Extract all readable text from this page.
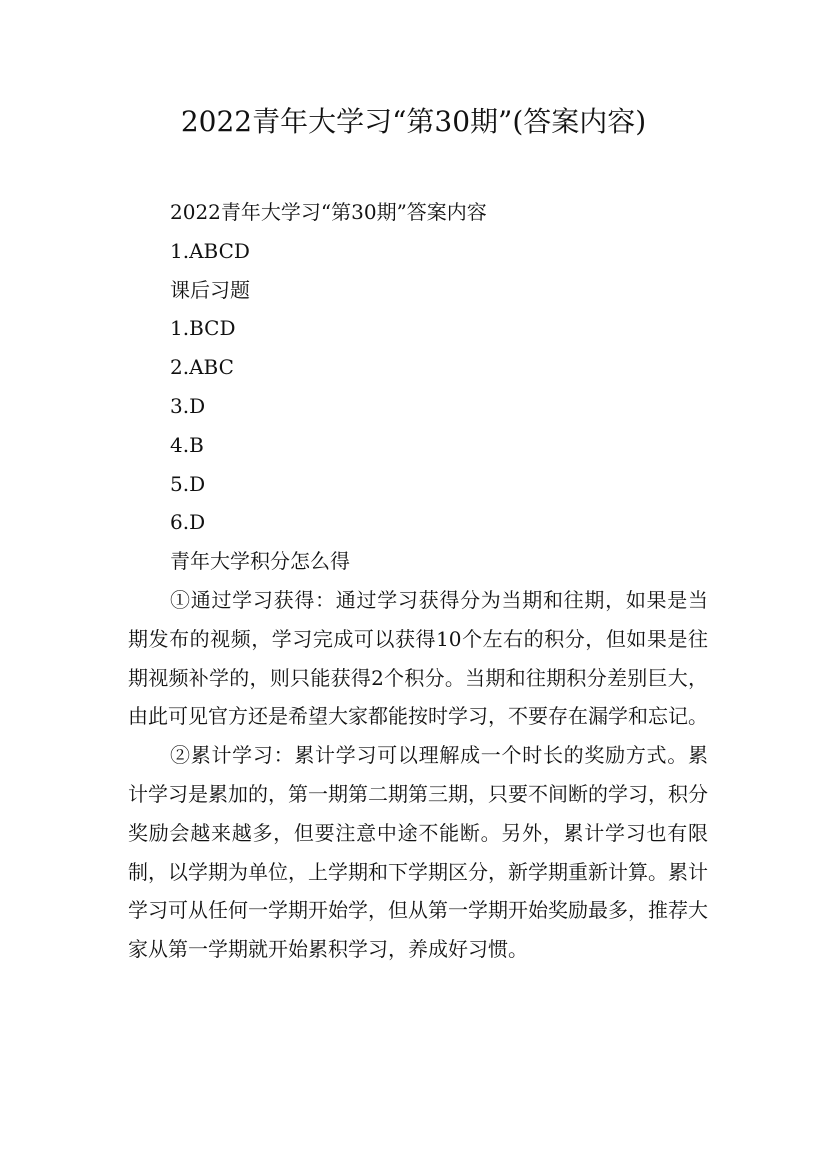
2022青年大学习“第30期”(答案内容)

2022青年大学习“第30期”答案内容

1.ABCD

课后习题

1.BCD

2.ABC

3.D

4.B

5.D

6.D

青年大学积分怎么得

①通过学习获得：通过学习获得分为当期和往期，如果是当期发布的视频，学习完成可以获得10个左右的积分，但如果是往期视频补学的，则只能获得2个积分。当期和往期积分差别巨大，由此可见官方还是希望大家都能按时学习，不要存在漏学和忘记。

②累计学习：累计学习可以理解成一个时长的奖励方式。累计学习是累加的，第一期第二期第三期，只要不间断的学习，积分奖励会越来越多，但要注意中途不能断。另外，累计学习也有限制，以学期为单位，上学期和下学期区分，新学期重新计算。累计学习可从任何一学期开始学，但从第一学期开始奖励最多，推荐大家从第一学期就开始累积学习，养成好习惯。
